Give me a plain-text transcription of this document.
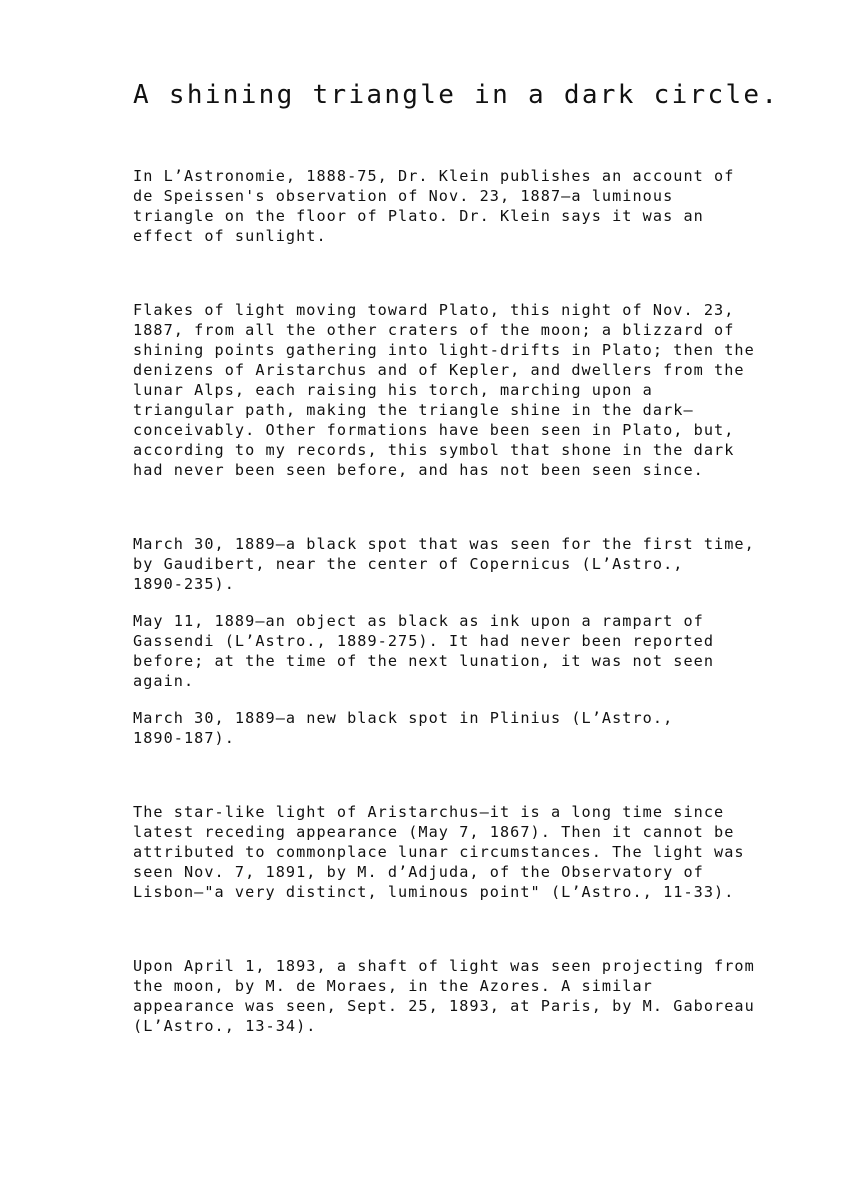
A shining triangle in a dark circle.
In L’Astronomie, 1888-75, Dr. Klein publishes an account of
de Speissen's observation of Nov. 23, 1887—a luminous
triangle on the floor of Plato. Dr. Klein says it was an
effect of sunlight.
Flakes of light moving toward Plato, this night of Nov. 23,
1887, from all the other craters of the moon; a blizzard of
shining points gathering into light-drifts in Plato; then the
denizens of Aristarchus and of Kepler, and dwellers from the
lunar Alps, each raising his torch, marching upon a
triangular path, making the triangle shine in the dark—
conceivably. Other formations have been seen in Plato, but,
according to my records, this symbol that shone in the dark
had never been seen before, and has not been seen since.
March 30, 1889—a black spot that was seen for the first time,
by Gaudibert, near the center of Copernicus (L’Astro.,
1890-235).
May 11, 1889—an object as black as ink upon a rampart of
Gassendi (L’Astro., 1889-275). It had never been reported
before; at the time of the next lunation, it was not seen
again.
March 30, 1889—a new black spot in Plinius (L’Astro.,
1890-187).
The star-like light of Aristarchus—it is a long time since
latest receding appearance (May 7, 1867). Then it cannot be
attributed to commonplace lunar circumstances. The light was
seen Nov. 7, 1891, by M. d’Adjuda, of the Observatory of
Lisbon—"a very distinct, luminous point" (L’Astro., 11-33).
Upon April 1, 1893, a shaft of light was seen projecting from
the moon, by M. de Moraes, in the Azores. A similar
appearance was seen, Sept. 25, 1893, at Paris, by M. Gaboreau
(L’Astro., 13-34).
